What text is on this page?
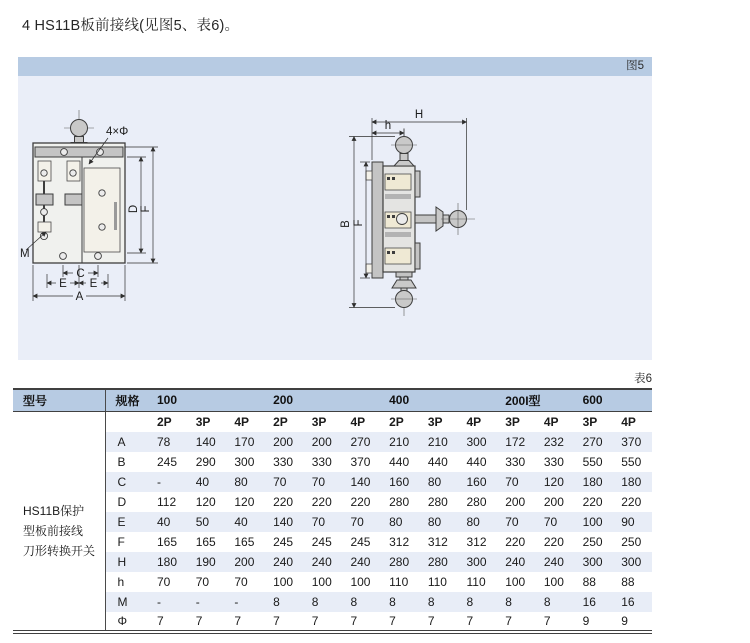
4 HS11B板前接线(见图5、表6)。
图5
4×Φ
M
D F
C
E E
A
H
h
B F
表6
型号	规格	100			200			400			200I型		600	
		2P	3P	4P	2P	3P	4P	2P	3P	4P	3P	4P	3P	4P

HS11B保护
型板前接线
刀形转换开关	A	78	140	170	200	200	270	210	210	300	172	232	270	370
	B	245	290	300	330	330	370	440	440	440	330	330	550	550
	C	-	40	80	70	70	140	160	80	160	70	120	180	180
	D	112	120	120	220	220	220	280	280	280	200	200	220	220
	E	40	50	40	140	70	70	80	80	80	70	70	100	90
	F	165	165	165	245	245	245	312	312	312	220	220	250	250
	H	180	190	200	240	240	240	280	280	300	240	240	300	300
	h	70	70	70	100	100	100	110	110	110	100	100	88	88
	M	-	-	-	8	8	8	8	8	8	8	8	16	16
	Φ	7	7	7	7	7	7	7	7	7	7	7	9	9
